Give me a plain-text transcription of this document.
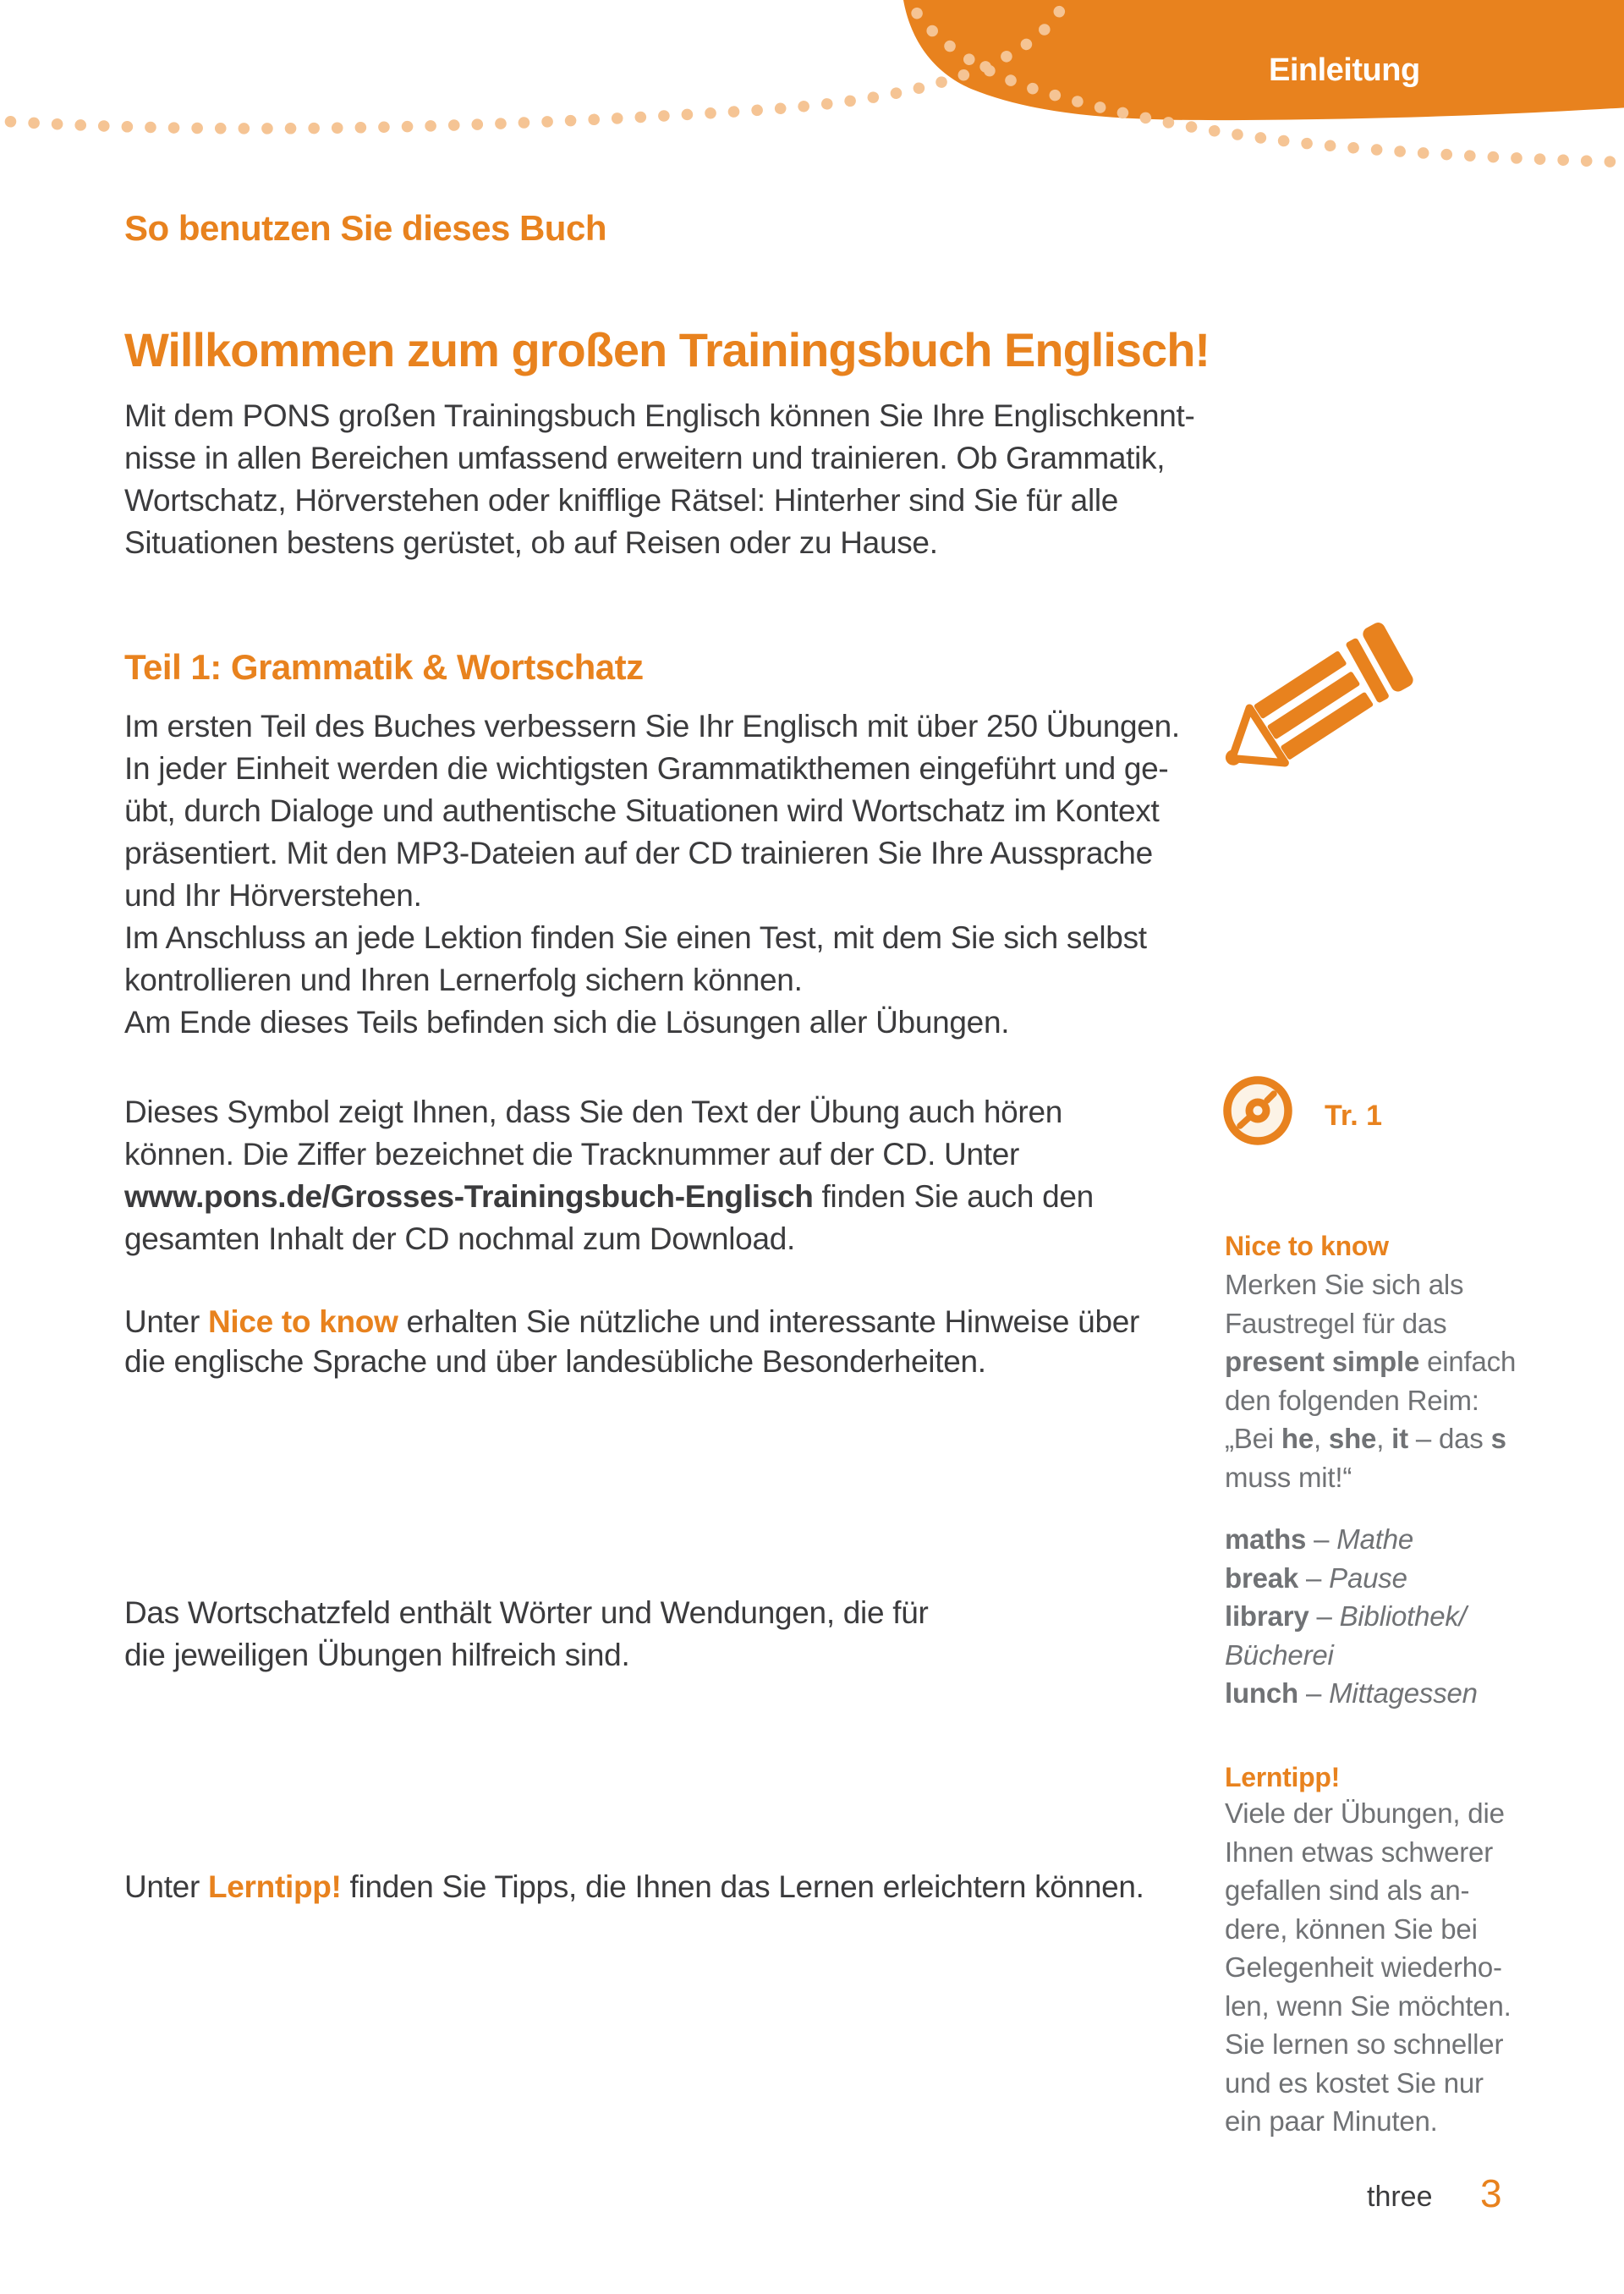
Einleitung
So benutzen Sie dieses Buch
Willkommen zum großen Trainingsbuch Englisch!
Mit dem PONS großen Trainingsbuch Englisch können Sie Ihre Englischkennt-
nisse in allen Bereichen umfassend erweitern und trainieren. Ob Grammatik,
Wortschatz, Hörverstehen oder knifflige Rätsel: Hinterher sind Sie für alle
Situationen bestens gerüstet, ob auf Reisen oder zu Hause.
Teil 1: Grammatik & Wortschatz
Im ersten Teil des Buches verbessern Sie Ihr Englisch mit über 250 Übungen.
In jeder Einheit werden die wichtigsten Grammatikthemen eingeführt und ge-
übt, durch Dialoge und authentische Situationen wird Wortschatz im Kontext
präsentiert. Mit den MP3-Dateien auf der CD trainieren Sie Ihre Aussprache
und Ihr Hörverstehen.
Im Anschluss an jede Lektion finden Sie einen Test, mit dem Sie sich selbst
kontrollieren und Ihren Lernerfolg sichern können.
Am Ende dieses Teils befinden sich die Lösungen aller Übungen.
Dieses Symbol zeigt Ihnen, dass Sie den Text der Übung auch hören
können. Die Ziffer bezeichnet die Tracknummer auf der CD. Unter
www.pons.de/Grosses-Trainingsbuch-Englisch finden Sie auch den
gesamten Inhalt der CD nochmal zum Download.
Unter Nice to know erhalten Sie nützliche und interessante Hinweise über
die englische Sprache und über landesübliche Besonderheiten.
Das Wortschatzfeld enthält Wörter und Wendungen, die für
die jeweiligen Übungen hilfreich sind.
Unter Lerntipp! finden Sie Tipps, die Ihnen das Lernen erleichtern können.
Tr. 1
Nice to know
Merken Sie sich als
Faustregel für das
present simple einfach
den folgenden Reim:
„Bei he, she, it – das s
muss mit!“
maths – Mathe
break – Pause
library – Bibliothek/
Bücherei
lunch – Mittagessen
Lerntipp!
Viele der Übungen, die
Ihnen etwas schwerer
gefallen sind als an-
dere, können Sie bei
Gelegenheit wiederho-
len, wenn Sie möchten.
Sie lernen so schneller
und es kostet Sie nur
ein paar Minuten.
three 3
